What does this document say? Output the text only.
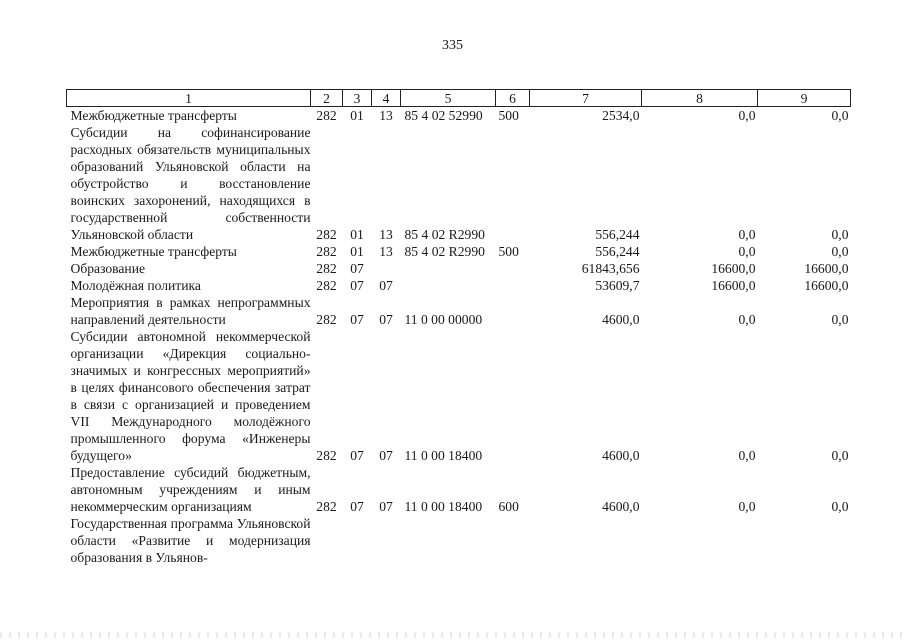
335
1	2	3	4	5	6	7	8	9
Межбюджетные трансферты	282	01	13	85 4 02 52990	500	2534,0	0,0	0,0
Субсидии на софинансирование расходных обязательств муниципальных образований Ульяновской области на обустройство и восстановление воинских захоронений, находящихся в государственной собственности Ульяновской области	282	01	13	85 4 02 R2990		556,244	0,0	0,0
Межбюджетные трансферты	282	01	13	85 4 02 R2990	500	556,244	0,0	0,0
Образование	282	07				61843,656	16600,0	16600,0
Молодёжная политика	282	07	07			53609,7	16600,0	16600,0
Мероприятия в рамках непрограммных направлений деятельности	282	07	07	11 0 00 00000		4600,0	0,0	0,0
Субсидии автономной некоммерческой организации «Дирекция социально-значимых и конгрессных мероприятий» в целях финансового обеспечения затрат в связи с организацией и проведением VII Международного молодёжного промышленного форума «Инженеры будущего»	282	07	07	11 0 00 18400		4600,0	0,0	0,0
Предоставление субсидий бюджетным, автономным учреждениям и иным некоммерческим организациям	282	07	07	11 0 00 18400	600	4600,0	0,0	0,0
Государственная программа Ульяновской области «Развитие и модернизация образования в Ульянов-								
